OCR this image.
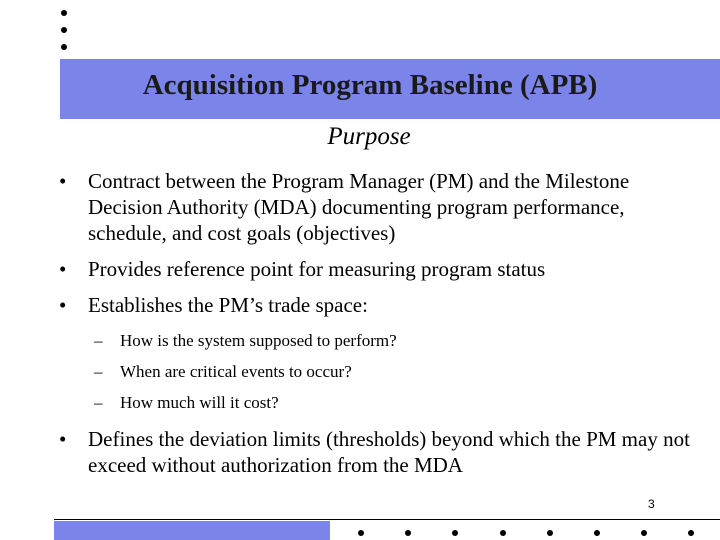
Acquisition Program Baseline (APB)
Purpose
• Contract between the Program Manager (PM) and the Milestone Decision Authority (MDA) documenting program performance, schedule, and cost goals (objectives)
• Provides reference point for measuring program status
• Establishes the PM’s trade space:
– How is the system supposed to perform?
– When are critical events to occur?
– How much will it cost?
• Defines the deviation limits (thresholds) beyond which the PM may not exceed without authorization from the MDA
3
